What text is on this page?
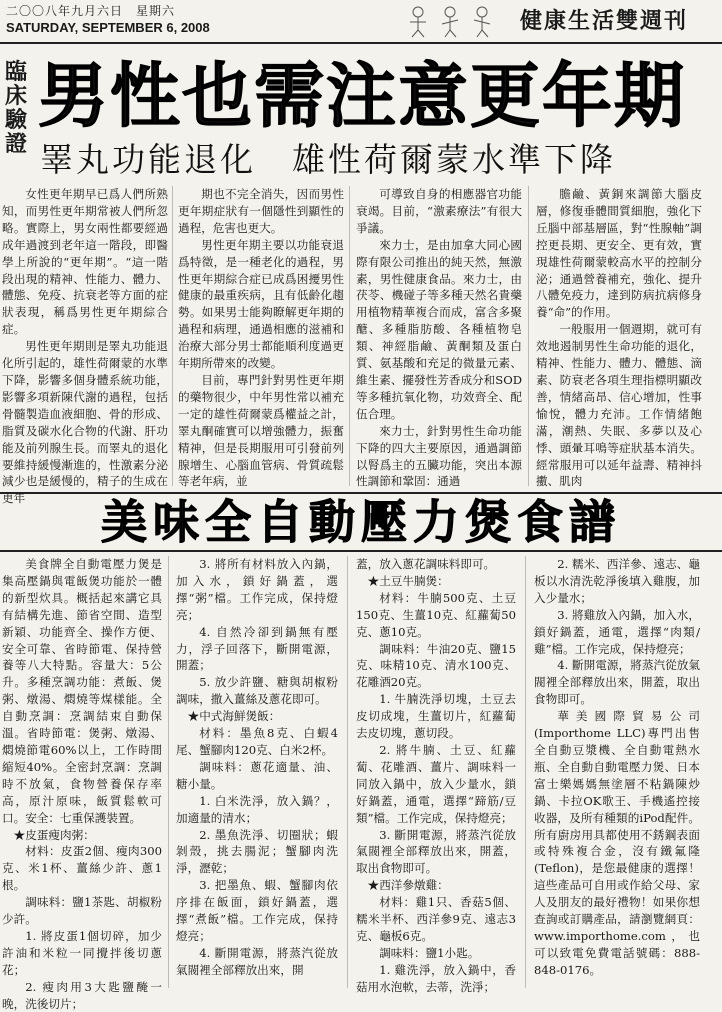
二〇〇八年九月六日　星期六
SATURDAY, SEPTEMBER 6, 2008	健康生活雙週刊
臨
床
驗
證
男性也需注意更年期
睪丸功能退化　雄性荷爾蒙水準下降

女性更年期早已爲人們所熟知，而男性更年期常被人們所忽略。實際上，男女兩性都要經過成年過渡到老年這一階段，即醫學上所說的“更年期”。“這一階段出現的精神、性能力、體力、體態、免疫、抗衰老等方面的症狀表現，稱爲男性更年期綜合症。

男性更年期則是睪丸功能退化所引起的，雄性荷爾蒙的水準下降，影響多個身體系統功能，影響多項新陳代謝的過程，包括骨髓製造血液細胞、骨的形成、脂質及碳水化合物的代謝、肝功能及前列腺生長。而睪丸的退化要維持緩慢漸進的，性激素分泌減少也是緩慢的，精子的生成在更年

期也不完全消失，因而男性更年期症狀有一個隱性到顯性的過程，危害也更大。

男性更年期主要以功能衰退爲特徵，是一種老化的過程，男性更年期綜合症已成爲困擾男性健康的最重疾病，且有低齡化趨勢。如果男士能夠瞭解更年期的過程和病理，通過相應的滋補和治療大部分男士都能順利度過更年期所帶來的改變。

目前，專門針對男性更年期的藥物很少，中年男性常以補充一定的雄性荷爾蒙爲權益之計，睪丸酮確實可以增強體力，振奮精神，但是長期服用可引發前列腺增生、心腦血管病、骨質疏鬆等老年病，並

可導致自身的相應器官功能衰竭。目前，“激素療法”有很大爭議。

來力士，是由加拿大同心國際有限公司推出的純天然，無激素，男性健康食品。來力士，由茯苓、機碰子等多種天然名貴藥用植物精華複合而成，富含多聚醣、多種脂肪酸、各種植物皂類、神經脂鹼、黃酮類及蛋白質、氨基酸和充足的微量元素、維生素、擺發性芳香成分和SOD等多種抗氧化物，功效齊全、配伍合理。

來力士，針對男性生命功能下降的四大主要原因，通過調節以腎爲主的五臟功能，突出本源性調節和鞏固：通過

膽鹼、黃銅來調節大腦皮層，修復垂體間質細胞，強化下丘腦中部基層區，對“性腺軸”調控更長期、更安全、更有效，實現雄性荷爾蒙較高水平的控制分泌；通過營養補充，強化、提升八體免疫力，達到防病抗病修身養“命”的作用。

一般服用一個週期，就可有效地遏制男性生命功能的退化，精神、性能力、體力、體態、滴素、防衰老各項生理指標明顯改善，情緒高昂、信心增加，性事愉悅，體力充沛。工作情緒飽滿，潮熱、失眠、多夢以及心悸、頭暈耳鳴等症狀基本消失。經常服用可以延年益壽、精神抖擻、肌肉

美味全自動壓力煲食譜

美食牌全自動電壓力煲是集高壓鍋與電飯煲功能於一體的新型炊具。概括起來講它具有結構先進、節省空間、造型新穎、功能齊全、操作方便、安全可靠、省時節電、保持營養等八大特點。容量大：5公升。多種烹調功能：煮飯、煲粥、燉湯、燜燒等煤樣能。全自動烹調：烹調結束自動保溫。省時節電：煲粥、燉湯、燜燒節電60%以上，工作時間縮短40%。全密封烹調：烹調時不放氣，食物營養保存率高，原汁原味，飯質鬆軟可口。安全：七重保護裝置。

★皮蛋瘦肉粥：

材料：皮蛋2個、瘦肉300克、米1杯、薑絲少許、蔥1根。

調味料：鹽1茶匙、胡椒粉少許。

1. 將皮蛋1個切碎，加少許油和米粒一同攪拌後切蔥花；

2. 瘦肉用3大匙鹽醃一晚，洗後切片；

3. 將所有材料放入內鍋，加入水，鎖好鍋蓋，選擇“粥”檔。工作完成，保持燈亮；

4. 自然冷卻到鍋無有壓力，浮子回落下，斷開電源，開蓋；

5. 放少許鹽、糖與胡椒粉調味，撒入薑絲及蔥花即可。

★中式海鮮煲飯：

材料：墨魚8克、白蝦4尾、蟹腳肉120克、白米2杯。

調味料：蔥花適量、油、糖小量。

1. 白米洗淨，放入鍋？，加適量的清水；

2. 墨魚洗淨、切圈狀；蝦剝殼，挑去腸泥；蟹腳肉洗淨，瀝乾；

3. 把墨魚、蝦、蟹腳肉依序排在飯面，鎖好鍋蓋，選擇“煮飯”檔。工作完成，保持燈亮；

4. 斷開電源，將蒸汽從放氣閥裡全部釋放出來，開

蓋，放入蔥花調味料即可。

★土豆牛腩煲：

材料：牛腩500克、土豆150克、生薑10克、紅蘿蔔50克、蔥10克。

調味料：牛油20克、鹽15克、味精10克、清水100克、花雕酒20克。

1. 牛腩洗淨切塊，土豆去皮切成塊，生薑切片，紅蘿蔔去皮切塊，蔥切段。

2. 將牛腩、土豆、紅蘿蔔、花雕酒、薑片、調味料一同放入鍋中，放入少量水，鎖好鍋蓋，通電，選擇“蹄筋/豆類”檔。工作完成，保持燈亮；

3. 斷開電源，將蒸汽從放氣閥裡全部釋放出來，開蓋，取出食物即可。

★西洋參燉雞：

材料：雞1只、香菇5個、糯米半杯、西洋參9克、遠志3克、龜板6克。

調味料：鹽1小匙。

1. 雞洗淨，放入鍋中，香菇用水泡軟，去蒂，洗淨；

2. 糯米、西洋參、遠志、龜板以水清洗乾淨後填入雞腹，加入少量水；

3. 將雞放入內鍋，加入水，鎖好鍋蓋，通電，選擇“肉類/雞”檔。工作完成，保持燈亮；

4. 斷開電源，將蒸汽從放氣閥裡全部釋放出來，開蓋，取出食物即可。

華美國際貿易公司(Importhome LLC)專門出售全自動豆漿機、全自動電熱水瓶、全自動自動電壓力煲、日本富士樂媽媽無塗層不粘鍋陳炒鍋、卡拉OK歌王、手機遙控接收器，及所有種類的iPod配件。所有廚房用具都使用不銹鋼表面或特殊複合金，沒有鐵氟隆(Teflon)，是您最健康的選擇！這些產品可自用或作給父母、家人及朋友的最好禮物！如果你想查詢或訂購產品，請瀏覽網頁：www.importhome.com，也可以致電免費電話號碼：888-848-0176。
